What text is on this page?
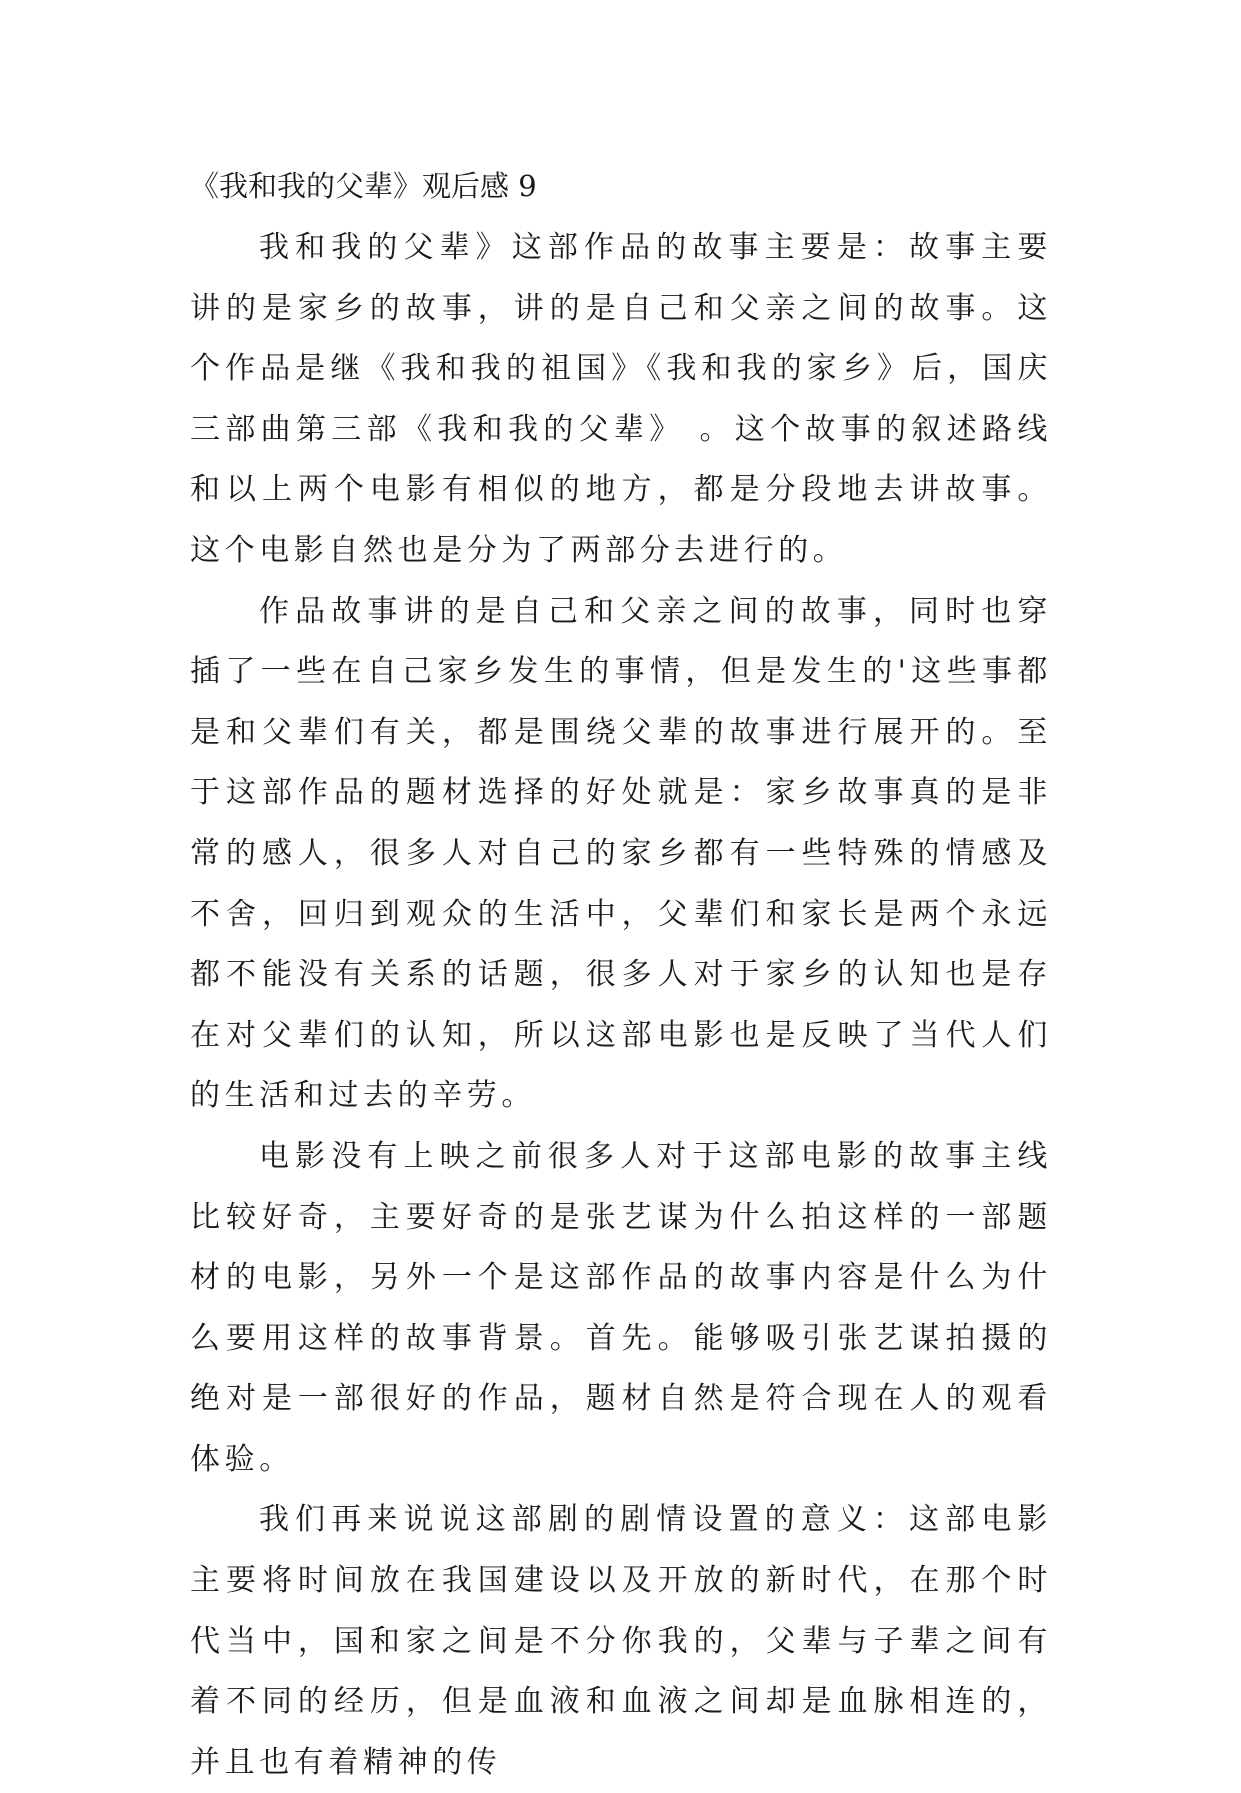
《我和我的父辈》观后感 9

我和我的父辈》这部作品的故事主要是：故事主要讲的是家乡的故事，讲的是自己和父亲之间的故事。这个作品是继《我和我的祖国》《我和我的家乡》后，国庆三部曲第三部《我和我的父辈》 。这个故事的叙述路线和以上两个电影有相似的地方，都是分段地去讲故事。这个电影自然也是分为了两部分去进行的。

作品故事讲的是自己和父亲之间的故事，同时也穿插了一些在自己家乡发生的事情，但是发生的'这些事都是和父辈们有关，都是围绕父辈的故事进行展开的。至于这部作品的题材选择的好处就是：家乡故事真的是非常的感人，很多人对自己的家乡都有一些特殊的情感及不舍，回归到观众的生活中，父辈们和家长是两个永远都不能没有关系的话题，很多人对于家乡的认知也是存在对父辈们的认知，所以这部电影也是反映了当代人们的生活和过去的辛劳。

电影没有上映之前很多人对于这部电影的故事主线比较好奇，主要好奇的是张艺谋为什么拍这样的一部题材的电影，另外一个是这部作品的故事内容是什么为什么要用这样的故事背景。首先。能够吸引张艺谋拍摄的绝对是一部很好的作品，题材自然是符合现在人的观看体验。

我们再来说说这部剧的剧情设置的意义：这部电影主要将时间放在我国建设以及开放的新时代，在那个时代当中，国和家之间是不分你我的，父辈与子辈之间有着不同的经历，但是血液和血液之间却是血脉相连的，并且也有着精神的传
